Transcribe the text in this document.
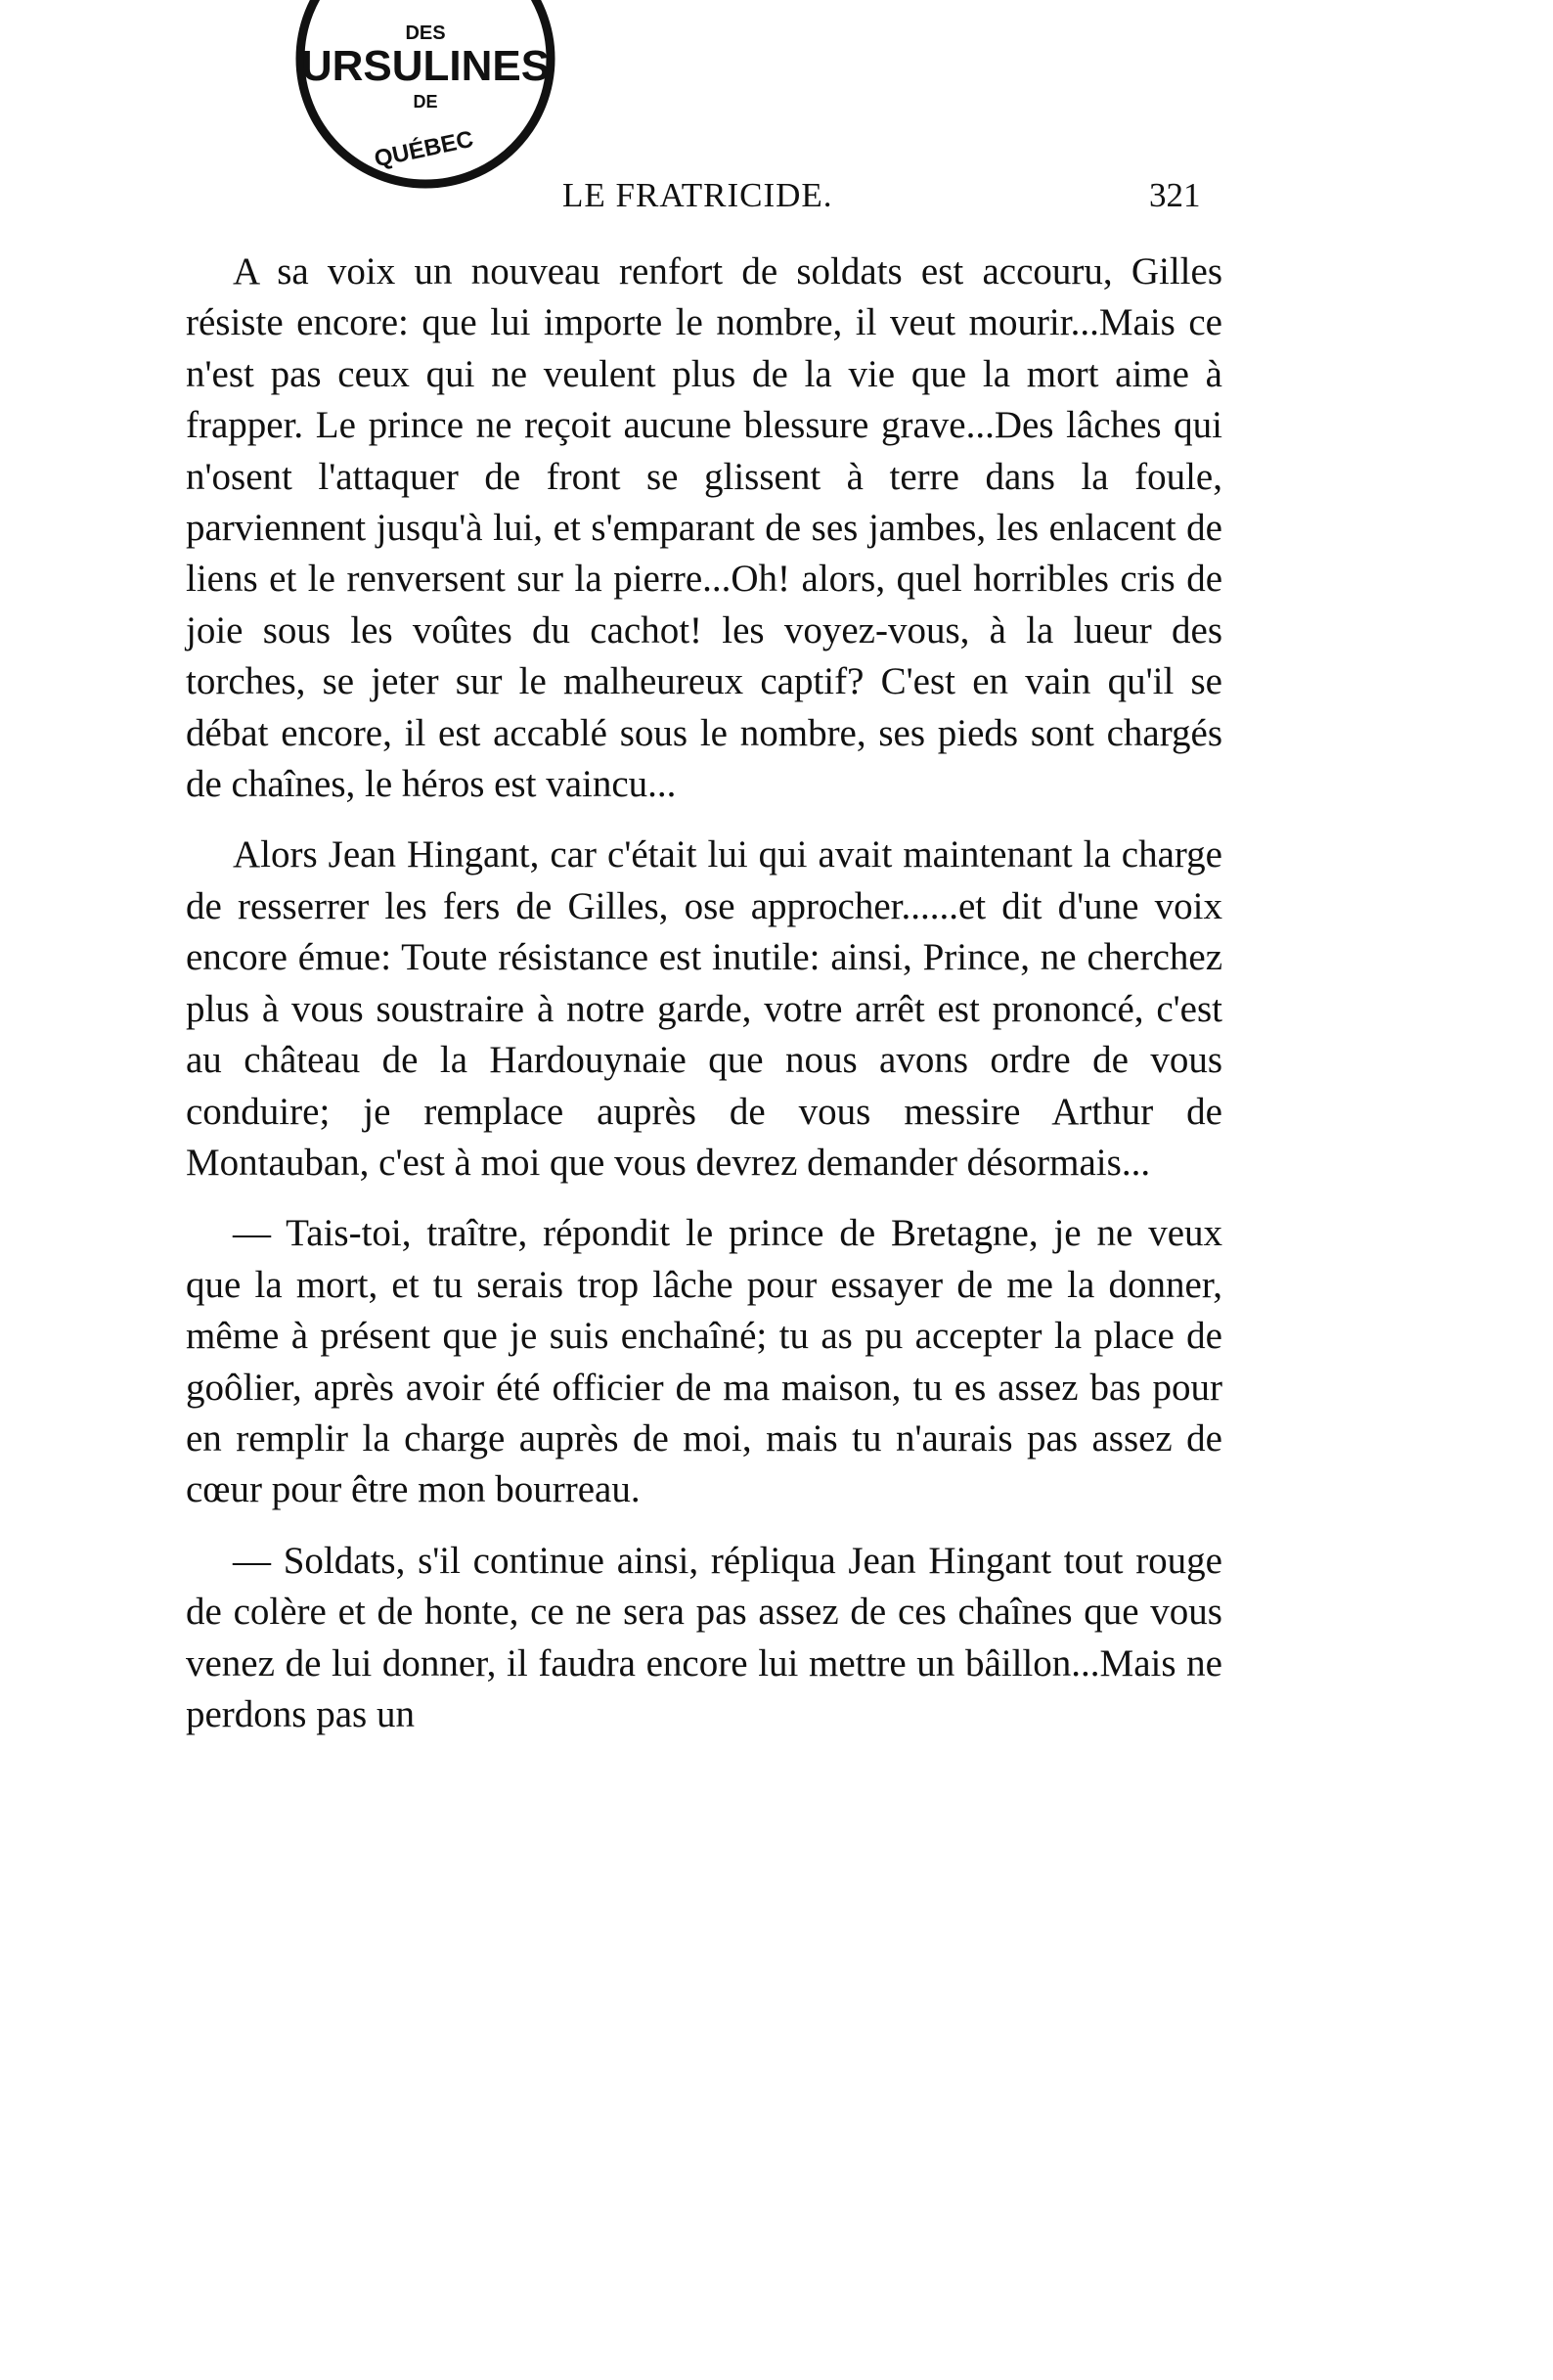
DES
URSULINES
DE
QUÉBEC
LE FRATRICIDE.	321

A sa voix un nouveau renfort de soldats est accouru, Gilles résiste encore: que lui importe le nombre, il veut mourir...Mais ce n'est pas ceux qui ne veulent plus de la vie que la mort aime à frapper. Le prince ne reçoit aucune blessure grave...Des lâches qui n'osent l'attaquer de front se glissent à terre dans la foule, parviennent jusqu'à lui, et s'emparant de ses jambes, les enlacent de liens et le renversent sur la pierre...Oh! alors, quel horribles cris de joie sous les voûtes du cachot! les voyez-vous, à la lueur des torches, se jeter sur le malheureux captif? C'est en vain qu'il se débat encore, il est accablé sous le nombre, ses pieds sont chargés de chaînes, le héros est vaincu...

Alors Jean Hingant, car c'était lui qui avait maintenant la charge de resserrer les fers de Gilles, ose approcher......et dit d'une voix encore émue: Toute résistance est inutile: ainsi, Prince, ne cherchez plus à vous soustraire à notre garde, votre arrêt est prononcé, c'est au château de la Hardouynaie que nous avons ordre de vous conduire; je remplace auprès de vous messire Arthur de Montauban, c'est à moi que vous devrez demander désormais...

— Tais-toi, traître, répondit le prince de Bretagne, je ne veux que la mort, et tu serais trop lâche pour essayer de me la donner, même à présent que je suis enchaîné; tu as pu accepter la place de goôlier, après avoir été officier de ma maison, tu es assez bas pour en remplir la charge auprès de moi, mais tu n'aurais pas assez de cœur pour être mon bourreau.

— Soldats, s'il continue ainsi, répliqua Jean Hingant tout rouge de colère et de honte, ce ne sera pas assez de ces chaînes que vous venez de lui donner, il faudra encore lui mettre un bâillon...Mais ne perdons pas un
